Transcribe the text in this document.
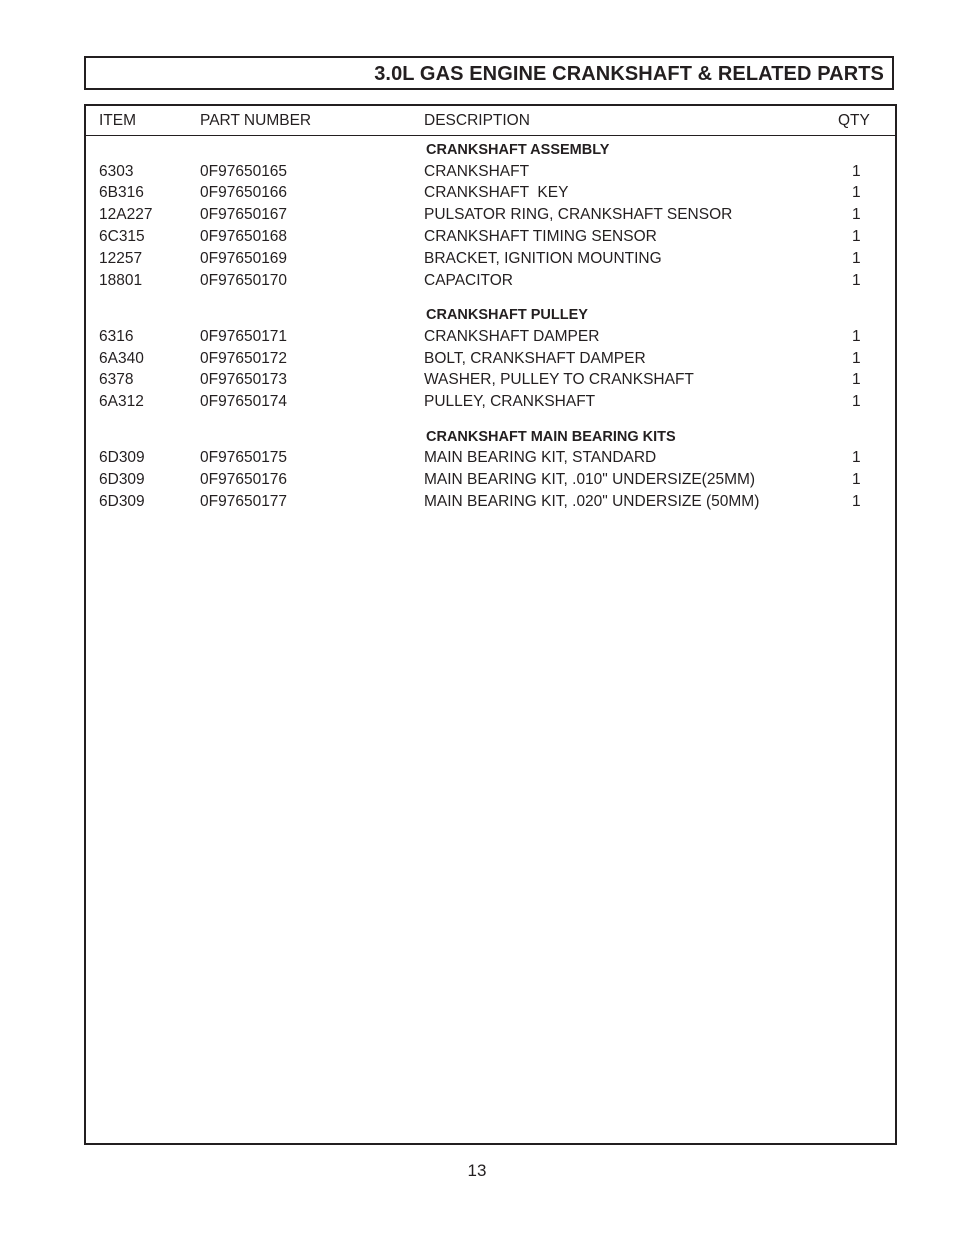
3.0L GAS ENGINE CRANKSHAFT & RELATED PARTS
ITEM	PART NUMBER	DESCRIPTION	QTY
CRANKSHAFT ASSEMBLY
6303	0F97650165	CRANKSHAFT	1
6B316	0F97650166	CRANKSHAFT  KEY	1
12A227	0F97650167	PULSATOR RING, CRANKSHAFT SENSOR	1
6C315	0F97650168	CRANKSHAFT TIMING SENSOR	1
12257	0F97650169	BRACKET, IGNITION MOUNTING	1
18801	0F97650170	CAPACITOR	1
CRANKSHAFT PULLEY
6316	0F97650171	CRANKSHAFT DAMPER	1
6A340	0F97650172	BOLT, CRANKSHAFT DAMPER	1
6378	0F97650173	WASHER, PULLEY TO CRANKSHAFT	1
6A312	0F97650174	PULLEY, CRANKSHAFT	1
CRANKSHAFT MAIN BEARING KITS
6D309	0F97650175	MAIN BEARING KIT, STANDARD	1
6D309	0F97650176	MAIN BEARING KIT, .010" UNDERSIZE(25MM)	1
6D309	0F97650177	MAIN BEARING KIT, .020" UNDERSIZE (50MM)	1
13
